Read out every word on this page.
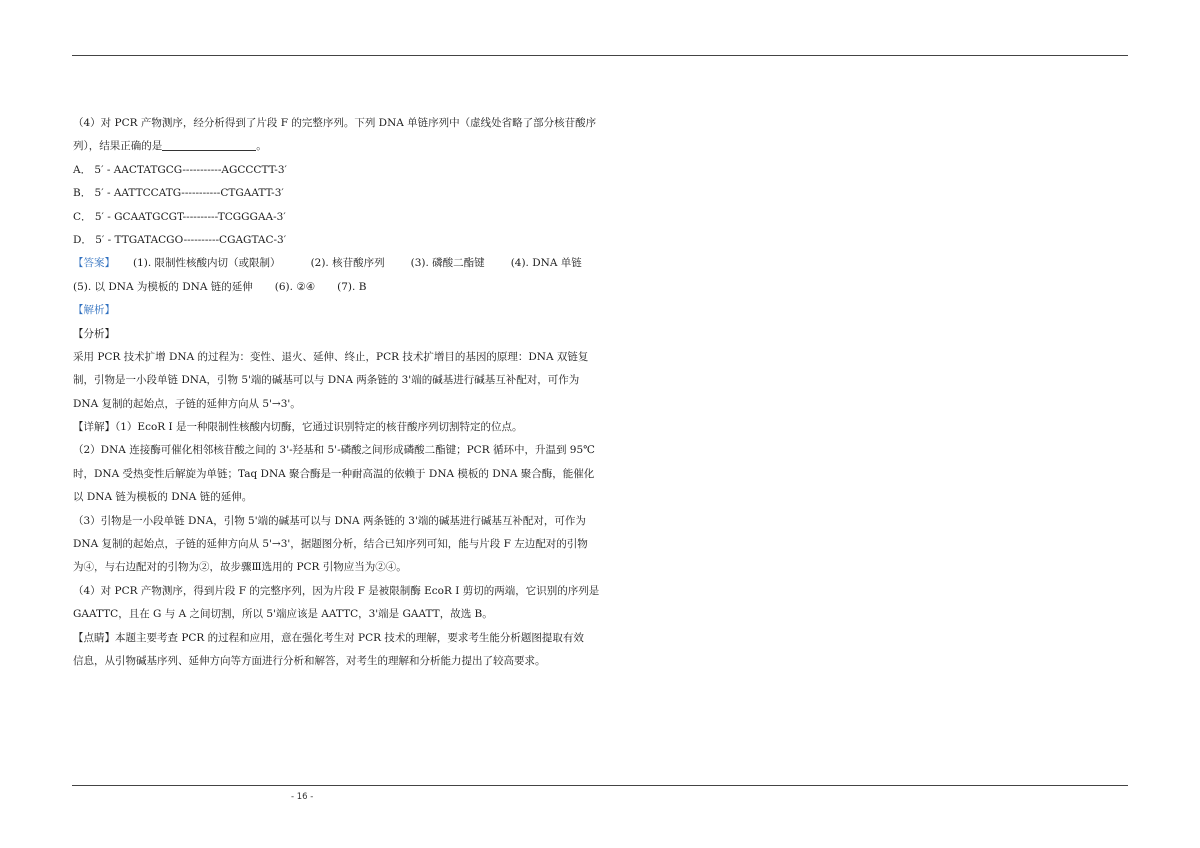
（4）对 PCR 产物测序，经分析得到了片段 F 的完整序列。下列 DNA 单链序列中（虚线处省略了部分核苷酸序
列），结果正确的是	。
A． 5′ - AACTATGCG-----------AGCCCTT-3′
B． 5′ - AATTCCATG-----------CTGAATT-3′
C． 5′ - GCAATGCGT----------TCGGGAA-3′
D． 5′ - TTGATACGO----------CGAGTAC-3′
【答案】 (1). 限制性核酸内切（或限制）	(2). 核苷酸序列 (3). 磷酸二酯键 (4). DNA 单链
(5). 以 DNA 为模板的 DNA 链的延伸 (6). ②④ (7). B
【解析】
【分析】
采用 PCR 技术扩增 DNA 的过程为：变性、退火、延伸、终止，PCR 技术扩增目的基因的原理：DNA 双链复
制，引物是一小段单链 DNA，引物 5'端的碱基可以与 DNA 两条链的 3'端的碱基进行碱基互补配对，可作为
DNA 复制的起始点，子链的延伸方向从 5'→3'。
【详解】（1）EcoR Ⅰ 是一种限制性核酸内切酶，它通过识别特定的核苷酸序列切割特定的位点。
（2）DNA 连接酶可催化相邻核苷酸之间的 3'-羟基和 5'-磷酸之间形成磷酸二酯键；PCR 循环中，升温到 95℃
时，DNA 受热变性后解旋为单链；Taq DNA 聚合酶是一种耐高温的依赖于 DNA 模板的 DNA 聚合酶，能催化
以 DNA 链为模板的 DNA 链的延伸。
（3）引物是一小段单链 DNA，引物 5'端的碱基可以与 DNA 两条链的 3'端的碱基进行碱基互补配对，可作为
DNA 复制的起始点，子链的延伸方向从 5'→3'，据题图分析，结合已知序列可知，能与片段 F 左边配对的引物
为④，与右边配对的引物为②，故步骤Ⅲ选用的 PCR 引物应当为②④。
（4）对 PCR 产物测序，得到片段 F 的完整序列，因为片段 F 是被限制酶 EcoR Ⅰ 剪切的两端，它识别的序列是
GAATTC，且在 G 与 A 之间切割，所以 5'端应该是 AATTC，3'端是 GAATT，故选 B。
【点睛】本题主要考查 PCR 的过程和应用，意在强化考生对 PCR 技术的理解，要求考生能分析题图提取有效
信息，从引物碱基序列、延伸方向等方面进行分析和解答，对考生的理解和分析能力提出了较高要求。
- 16 -
